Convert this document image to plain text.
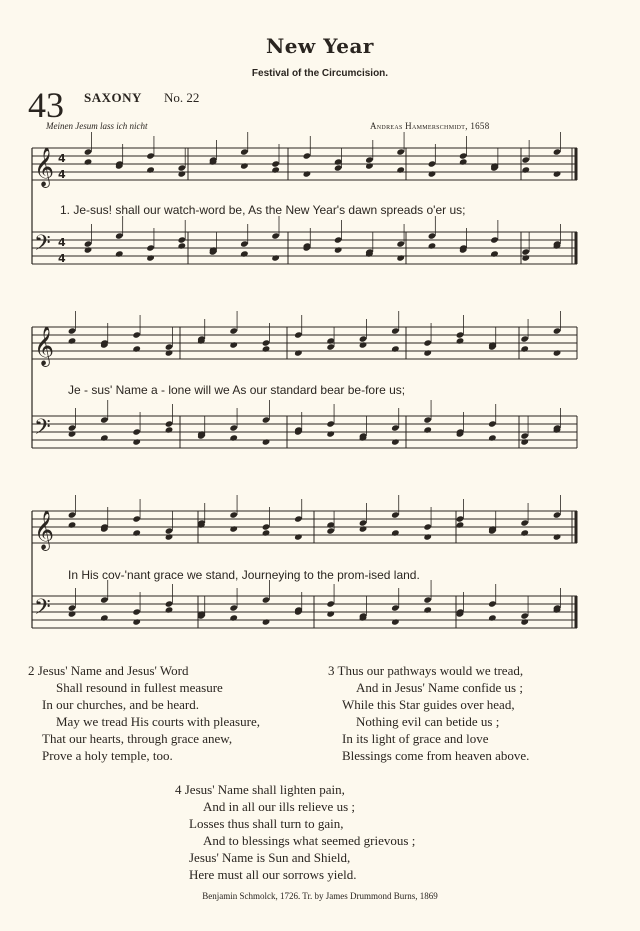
New Year
Festival of the Circumcision.
43 SAXONY No. 22
Meinen Jesum lass ich nicht	Andreas Hammerschmidt, 1658
𝄞 4
4
𝄢 4
4
𝄞
𝄢
𝄞
𝄢
1. Je-sus! shall our watch-word be, As the New Year's dawn spreads o'er us;
Je - sus' Name a - lone will we As our standard bear be-fore us;
In His cov-'nant grace we stand, Journeying to the prom-ised land.
2 Jesus' Name and Jesus' Word
Shall resound in fullest measure
In our churches, and be heard.
May we tread His courts with pleasure,
That our hearts, through grace anew,
Prove a holy temple, too.
3 Thus our pathways would we tread,
And in Jesus' Name confide us ;
While this Star guides over head,
Nothing evil can betide us ;
In its light of grace and love
Blessings come from heaven above.
4 Jesus' Name shall lighten pain,
And in all our ills relieve us ;
Losses thus shall turn to gain,
And to blessings what seemed grievous ;
Jesus' Name is Sun and Shield,
Here must all our sorrows yield.
Benjamin Schmolck, 1726. Tr. by James Drummond Burns, 1869
